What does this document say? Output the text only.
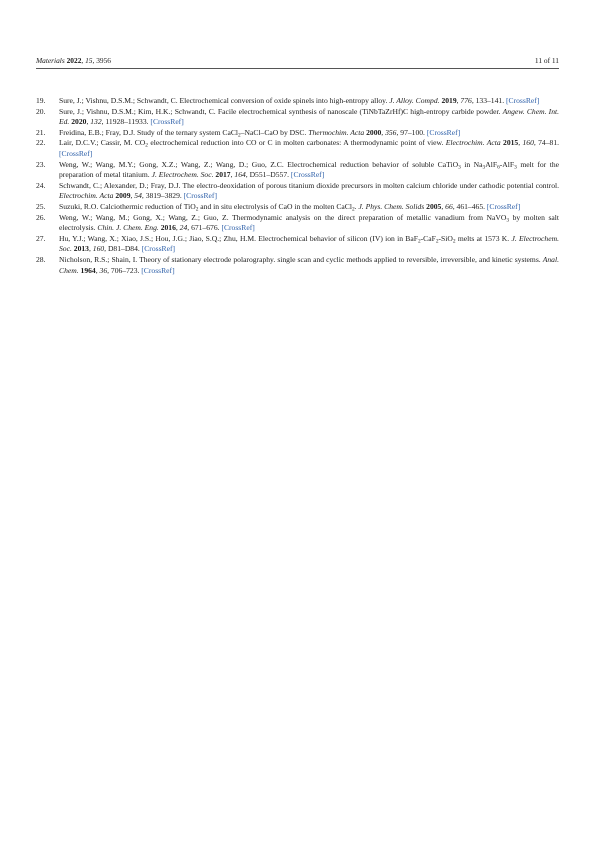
Materials 2022, 15, 3956	11 of 11
19. Sure, J.; Vishnu, D.S.M.; Schwandt, C. Electrochemical conversion of oxide spinels into high-entropy alloy. J. Alloy. Compd. 2019, 776, 133–141. [CrossRef]
20. Sure, J.; Vishnu, D.S.M.; Kim, H.K.; Schwandt, C. Facile electrochemical synthesis of nanoscale (TiNbTaZrHf)C high-entropy carbide powder. Angew. Chem. Int. Ed. 2020, 132, 11928–11933. [CrossRef]
21. Freidina, E.B.; Fray, D.J. Study of the ternary system CaCl$_2$–NaCl–CaO by DSC. Thermochim. Acta 2000, 356, 97–100. [CrossRef]
22. Lair, D.C.V.; Cassir, M. $CO_2$ electrochemical reduction into CO or C in molten carbonates: A thermodynamic point of view. Electrochim. Acta 2015, 160, 74–81. [CrossRef]
23. Weng, W.; Wang, M.Y.; Gong, X.Z.; Wang, Z.; Wang, D.; Guo, Z.C. Electrochemical reduction behavior of soluble CaTiO$_3$ in $Na_3AlF_6-AlF_3$ melt for the preparation of metal titanium. J. Electrochem. Soc. 2017, 164, D551–D557. [CrossRef]
24. Schwandt, C.; Alexander, D.; Fray, D.J. The electro-deoxidation of porous titanium dioxide precursors in molten calcium chloride under cathodic potential control. Electrochim. Acta 2009, 54, 3819–3829. [CrossRef]
25. Suzuki, R.O. Calciothermic reduction of TiO$_2$ and in situ electrolysis of CaO in the molten CaCl$_2$. J. Phys. Chem. Solids 2005, 66, 461–465. [CrossRef]
26. Weng, W.; Wang, M.; Gong, X.; Wang, Z.; Guo, Z. Thermodynamic analysis on the direct preparation of metallic vanadium from NaVO$_3$ by molten salt electrolysis. Chin. J. Chem. Eng. 2016, 24, 671–676. [CrossRef]
27. Hu, Y.J.; Wang, X.; Xiao, J.S.; Hou, J.G.; Jiao, S.Q.; Zhu, H.M. Electrochemical behavior of silicon (IV) ion in BaF$_2$-CaF$_2$-SiO$_2$ melts at 1573 K. J. Electrochem. Soc. 2013, 160, D81–D84. [CrossRef]
28. Nicholson, R.S.; Shain, I. Theory of stationary electrode polarography. single scan and cyclic methods applied to reversible, irreversible, and kinetic systems. Anal. Chem. 1964, 36, 706–723. [CrossRef]
